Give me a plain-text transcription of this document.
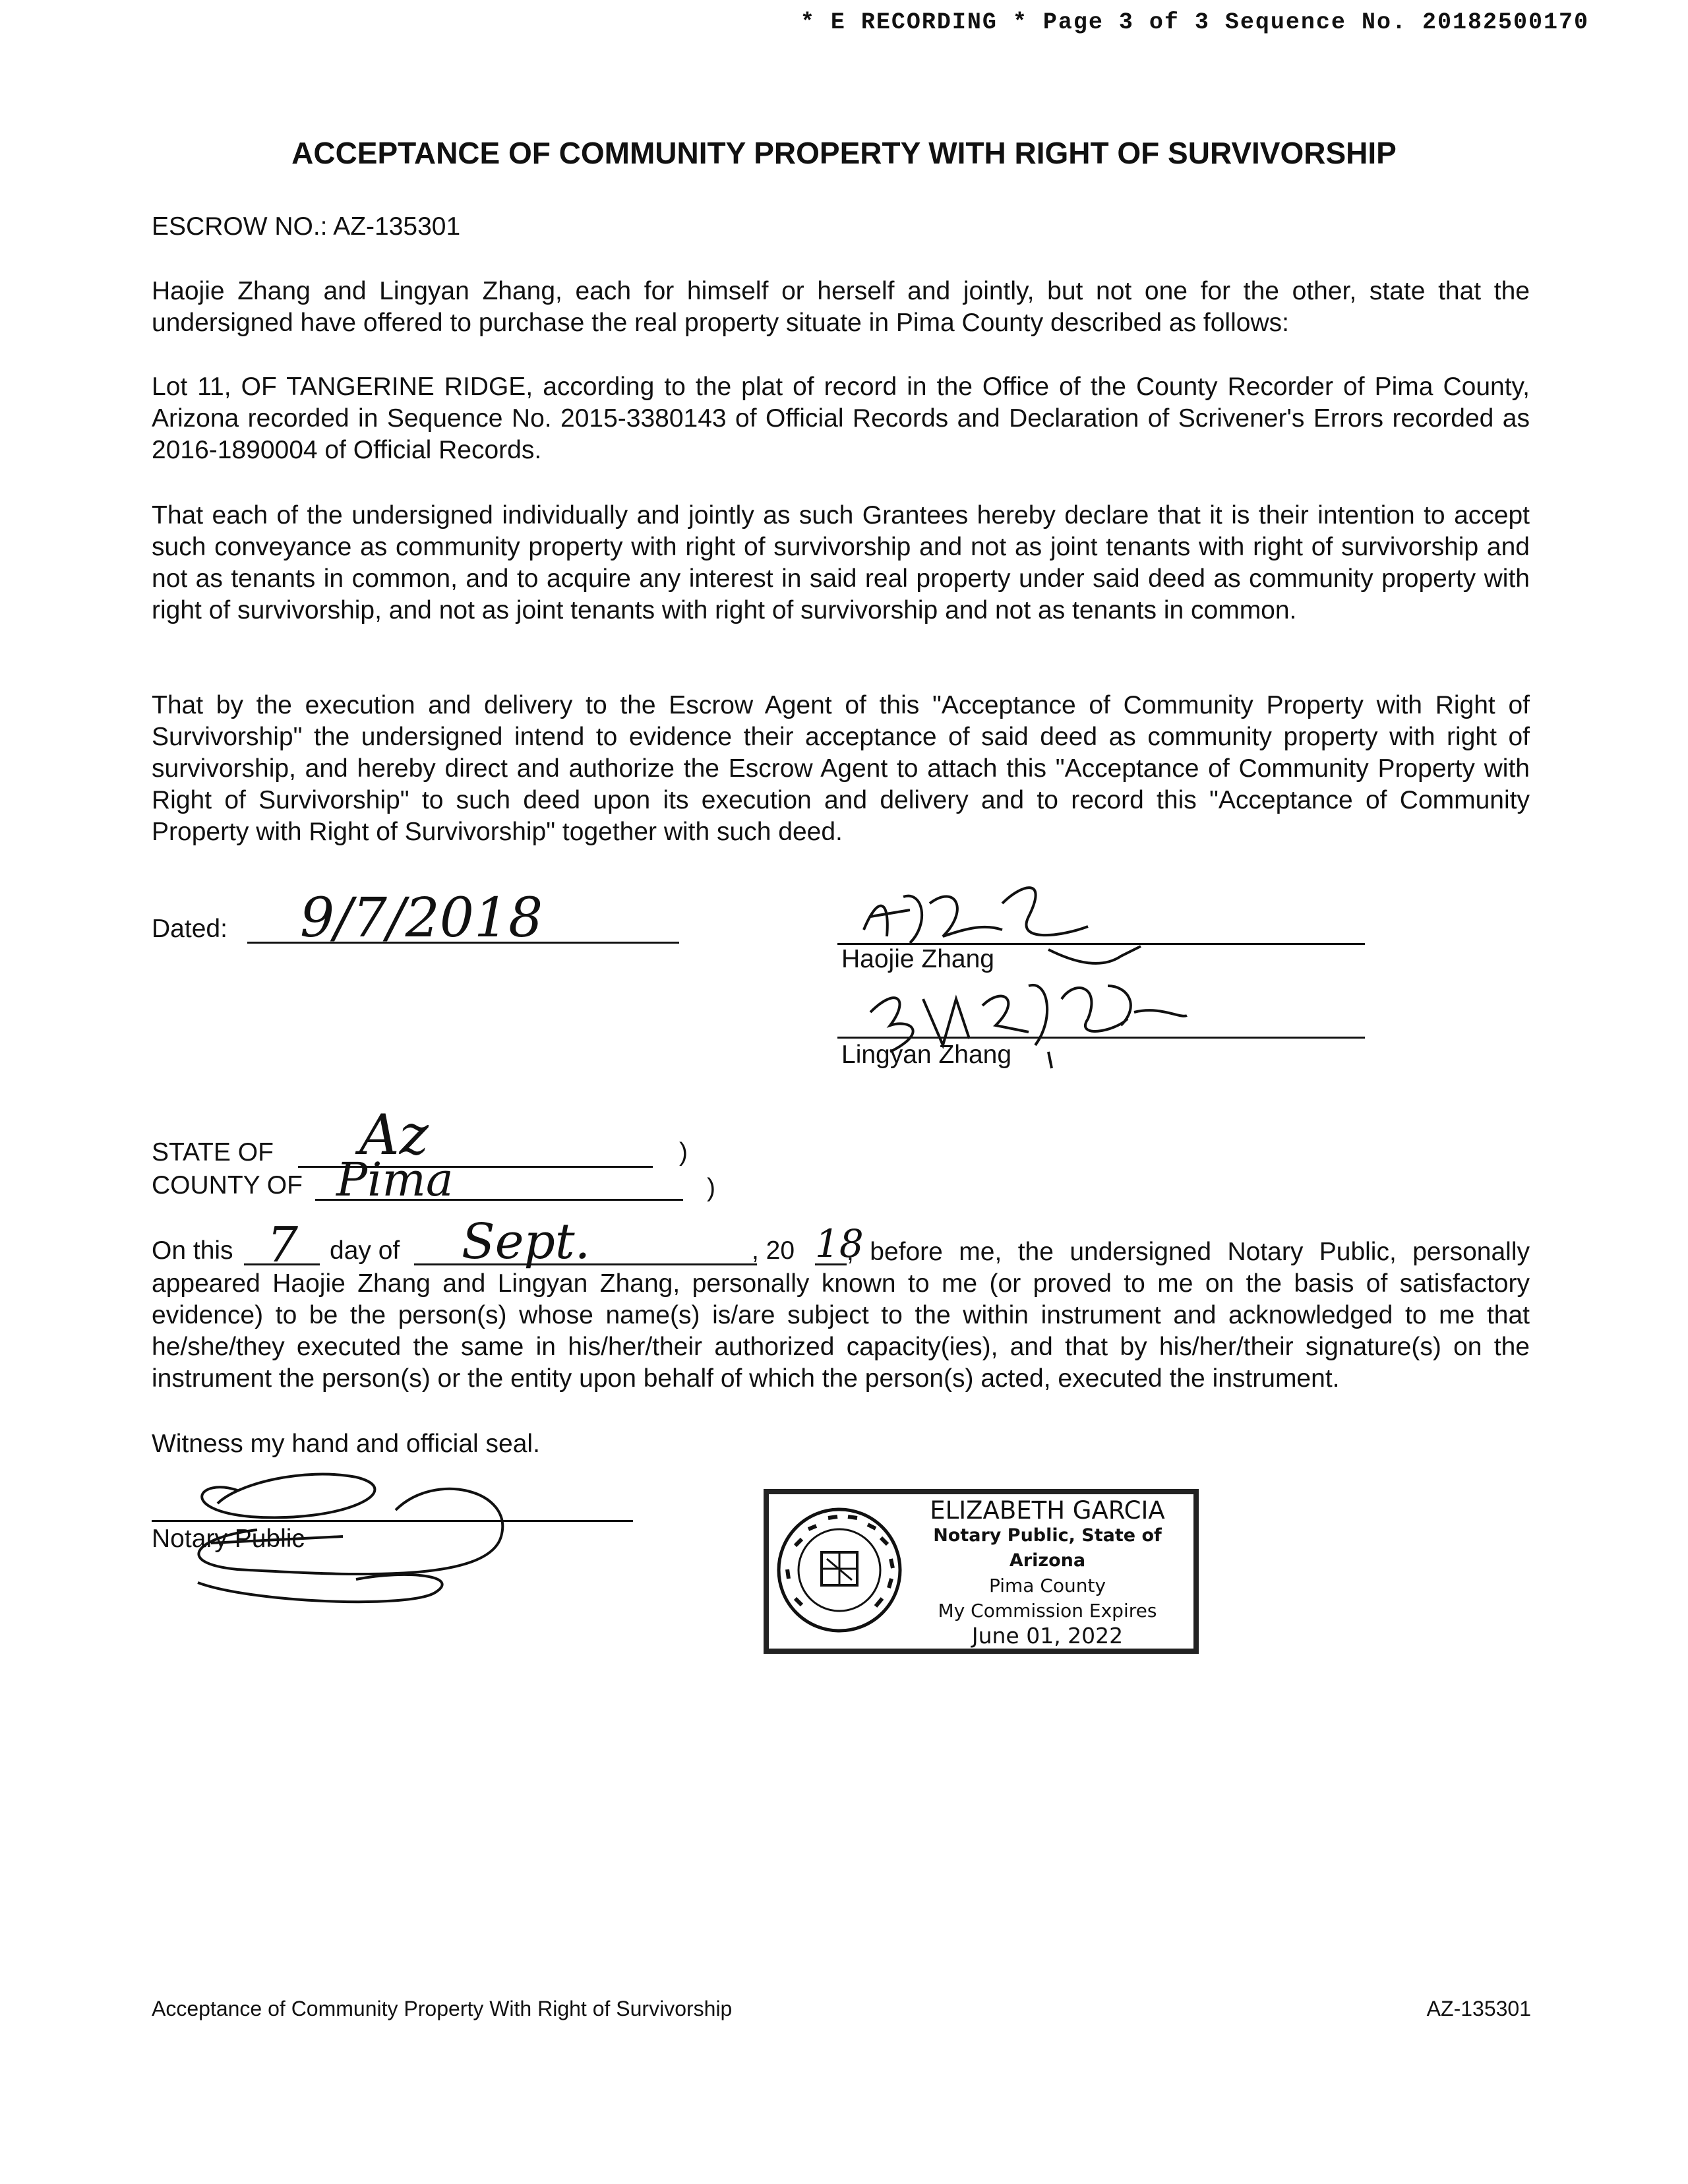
* E RECORDING * Page 3 of 3 Sequence No. 20182500170
ACCEPTANCE OF COMMUNITY PROPERTY WITH RIGHT OF SURVIVORSHIP
ESCROW NO.: AZ-135301
Haojie Zhang and Lingyan Zhang, each for himself or herself and jointly, but not one for the other, state that the undersigned have offered to purchase the real property situate in Pima County described as follows:
Lot 11, OF TANGERINE RIDGE, according to the plat of record in the Office of the County Recorder of Pima County, Arizona recorded in Sequence No. 2015-3380143 of Official Records and Declaration of Scrivener's Errors recorded as 2016-1890004 of Official Records.
That each of the undersigned individually and jointly as such Grantees hereby declare that it is their intention to accept such conveyance as community property with right of survivorship and not as joint tenants with right of survivorship and not as tenants in common, and to acquire any interest in said real property under said deed as community property with right of survivorship, and not as joint tenants with right of survivorship and not as tenants in common.
That by the execution and delivery to the Escrow Agent of this "Acceptance of Community Property with Right of Survivorship" the undersigned intend to evidence their acceptance of said deed as community property with right of survivorship, and hereby direct and authorize the Escrow Agent to attach this "Acceptance of Community Property with Right of Survivorship" to such deed upon its execution and delivery and to record this "Acceptance of Community Property with Right of Survivorship" together with such deed.
Dated: 9/7/2018
Haojie Zhang
Lingyan Zhang
STATE OF Az	)
COUNTY OF Pima	)
On this 7 day of Sept.	, 20 18
, before me, the undersigned Notary Public, personally appeared Haojie Zhang and Lingyan Zhang, personally known to me (or proved to me on the basis of satisfactory evidence) to be the person(s) whose name(s) is/are subject to the within instrument and acknowledged to me that he/she/they executed the same in his/her/their authorized capacity(ies), and that by his/her/their signature(s) on the instrument the person(s) or the entity upon behalf of which the person(s) acted, executed the instrument.
Witness my hand and official seal.
Notary Public
ELIZABETH GARCIA
Notary Public, State of Arizona
Pima County
My Commission Expires
June 01, 2022
Acceptance of Community Property With Right of Survivorship	AZ-135301
